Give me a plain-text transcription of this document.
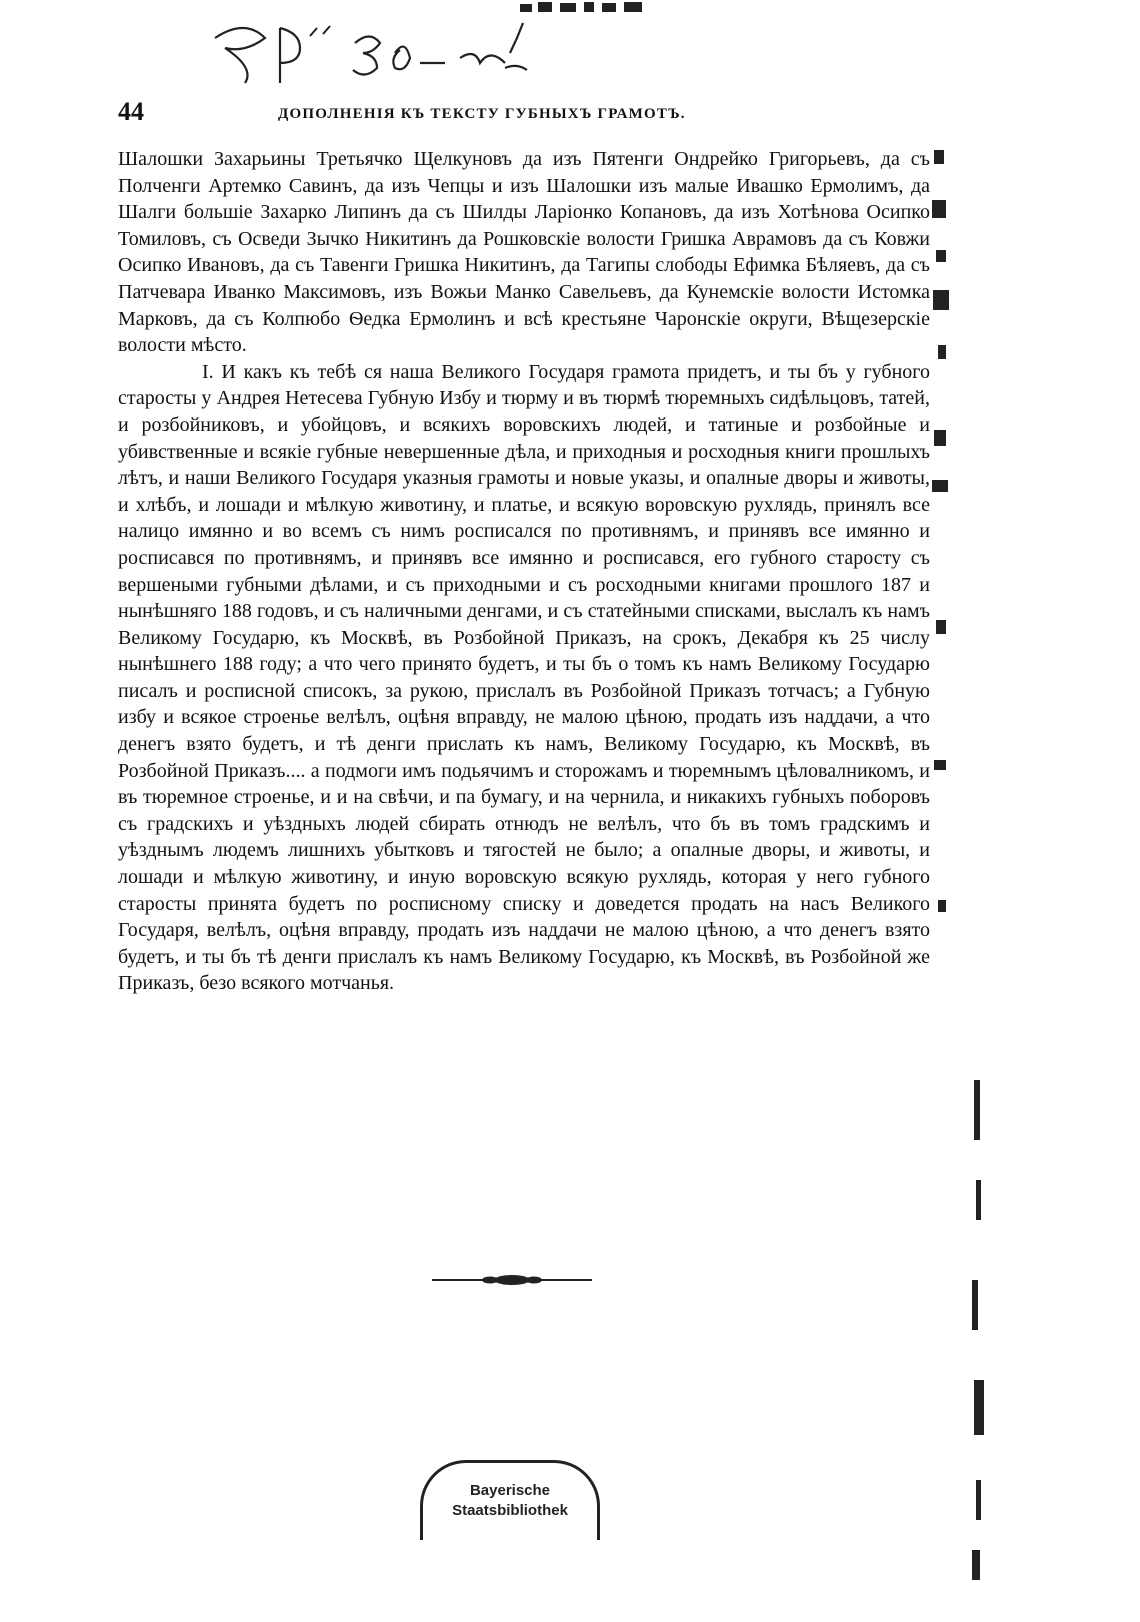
44	ДОПОЛНЕНІЯ КЪ ТЕКСТУ ГУБНЫХЪ ГРАМОТЪ.

Шалошки Захарьины Третьячко Щелкуновъ да изъ Пятенги Ондрейко Григорьевъ, да съ Полченги Артемко Савинъ, да изъ Чепцы и изъ Шалошки изъ малые Ивашко Ермолимъ, да Шалги большіе Захарко Липинъ да съ Шилды Ларіонко Копановъ, да изъ Хотѣнова Осипко Томиловъ, съ Осведи Зычко Никитинъ да Рошковскіе волости Гришка Аврамовъ да съ Ковжи Осипко Ивановъ, да съ Тавенги Гришка Никитинъ, да Тагипы слободы Ефимка Бѣляевъ, да съ Патчевара Иванко Максимовъ, изъ Вожьи Манко Савельевъ, да Кунемскіе волости Истомка Марковъ, да съ Колпюбо Ѳедка Ермолинъ и всѣ крестьяне Чаронскіе округи, Вѣщезерскіе волости мѣсто.

I. И какъ къ тебѣ ся наша Великого Государя грамота придетъ, и ты бъ у губного старосты у Андрея Нетесева Губную Избу и тюрму и въ тюрмѣ тюремныхъ сидѣльцовъ, татей, и розбойниковъ, и убойцовъ, и всякихъ воровскихъ людей, и татиные и розбойные и убивственные и всякіе губные невершенные дѣла, и приходныя и росходныя книги прошлыхъ лѣтъ, и наши Великого Государя указныя грамоты и новые указы, и опалные дворы и животы, и хлѣбъ, и лошади и мѣлкую животину, и платье, и всякую воровскую рухлядь, принялъ все налицо имянно и во всемъ съ нимъ росписался по противнямъ, и принявъ все имянно и росписався по противнямъ, и принявъ все имянно и росписався, его губного старосту съ вершеными губными дѣлами, и съ приходными и съ росходными книгами прошлого 187 и нынѣшняго 188 годовъ, и съ наличными денгами, и съ статейными списками, выслалъ къ намъ Великому Государю, къ Москвѣ, въ Розбойной Приказъ, на срокъ, Декабря къ 25 числу нынѣшнего 188 году; а что чего принято будетъ, и ты бъ о томъ къ намъ Великому Государю писалъ и росписной списокъ, за рукою, прислалъ въ Розбойной Приказъ тотчасъ; а Губную избу и всякое строенье велѣлъ, оцѣня вправду, не малою цѣною, продать изъ наддачи, а что денегъ взято будетъ, и тѣ денги прислать къ намъ, Великому Государю, къ Москвѣ, въ Розбойной Приказъ.... а подмоги имъ подьячимъ и сторожамъ и тюремнымъ цѣловалникомъ, и въ тюремное строенье, и и на свѣчи, и па бумагу, и на чернила, и никакихъ губныхъ поборовъ съ градскихъ и уѣздныхъ людей сбирать отнюдъ не велѣлъ, что бъ въ томъ градскимъ и уѣзднымъ людемъ лишнихъ убытковъ и тягостей не было; а опалные дворы, и животы, и лошади и мѣлкую животину, и иную воровскую всякую рухлядь, которая у него губного старосты принята будетъ по росписному списку и доведется продать на насъ Великого Государя, велѣлъ, оцѣня вправду, продать изъ наддачи не малою цѣною, а что денегъ взято будетъ, и ты бъ тѣ денги прислалъ къ намъ Великому Государю, къ Москвѣ, въ Розбойной же Приказъ, безо всякого мотчанья.

Bayerische
Staatsbibliothek
